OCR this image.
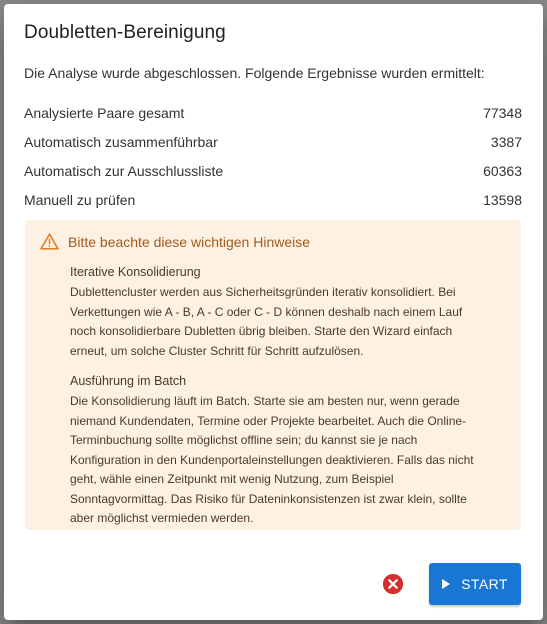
Doubletten-Bereinigung

Die Analyse wurde abgeschlossen. Folgende Ergebnisse wurden ermittelt:

Analysierte Paare gesamt	77348
Automatisch zusammenführbar	3387
Automatisch zur Ausschlussliste	60363
Manuell zu prüfen	13598
Bitte beachte diese wichtigen Hinweise
Iterative Konsolidierung
Dublettencluster werden aus Sicherheitsgründen iterativ konsolidiert. Bei
Verkettungen wie A - B, A - C oder C - D können deshalb nach einem Lauf
noch konsolidierbare Dubletten übrig bleiben. Starte den Wizard einfach
erneut, um solche Cluster Schritt für Schritt aufzulösen.
Ausführung im Batch
Die Konsolidierung läuft im Batch. Starte sie am besten nur, wenn gerade
niemand Kundendaten, Termine oder Projekte bearbeitet. Auch die Online-
Terminbuchung sollte möglichst offline sein; du kannst sie je nach
Konfiguration in den Kundenportaleinstellungen deaktivieren. Falls das nicht
geht, wähle einen Zeitpunkt mit wenig Nutzung, zum Beispiel
Sonntagvormittag. Das Risiko für Dateninkonsistenzen ist zwar klein, sollte
aber möglichst vermieden werden.
START
